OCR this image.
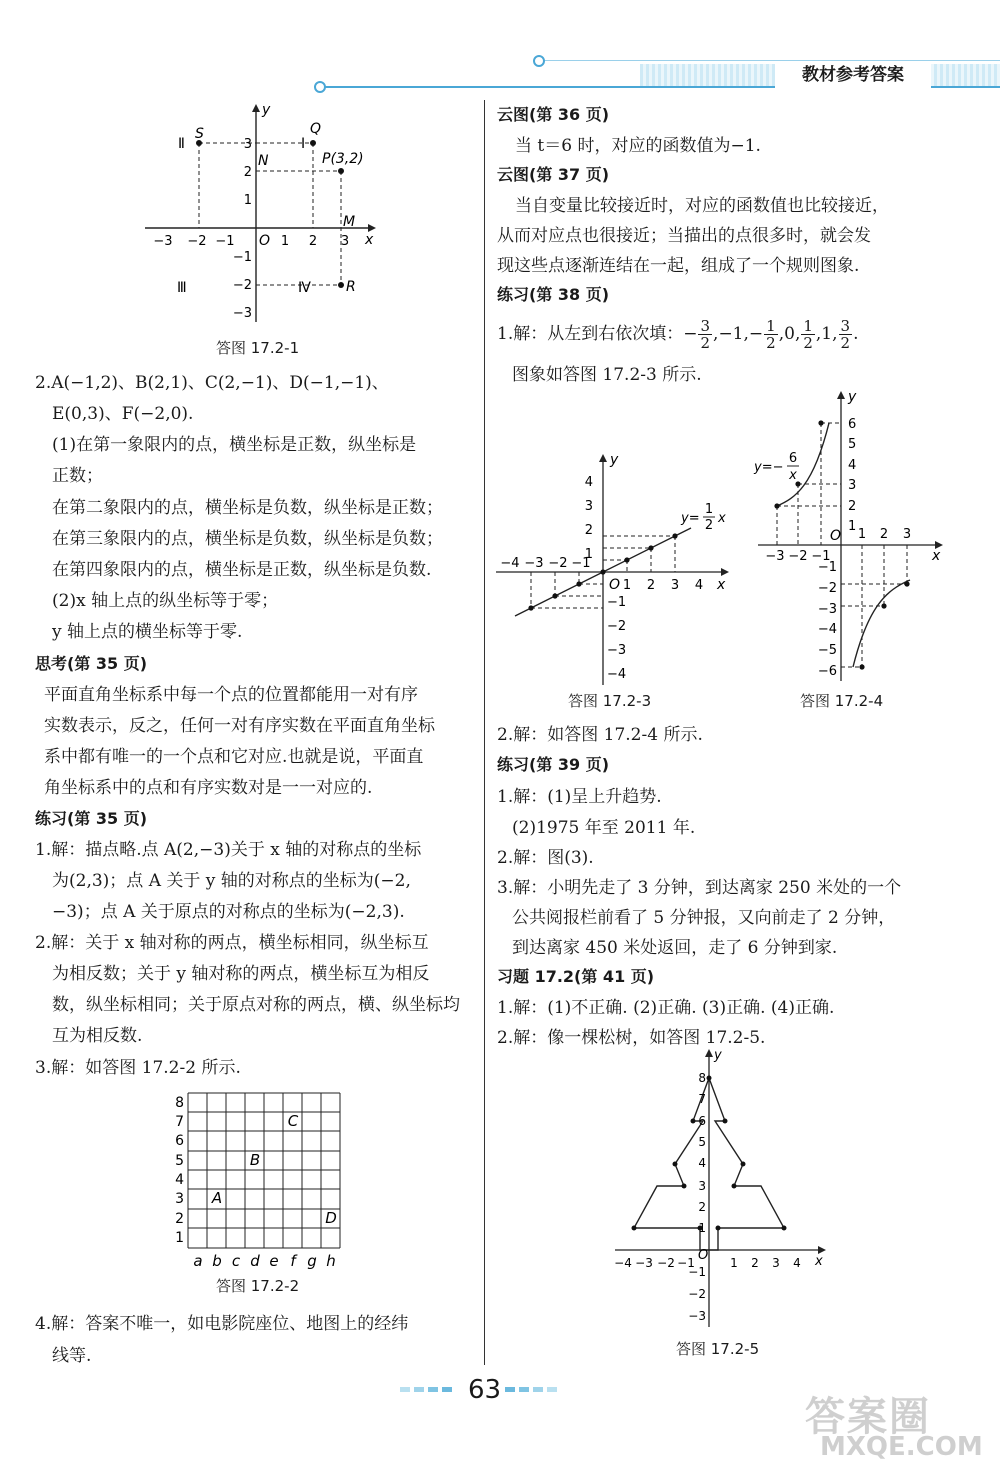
教材参考答案
S	Q
P(3,2)
N
M
R
O	x
y
Ⅱ
Ⅲ	Ⅳ
Ⅰ
−3 −2 −1	1 2 3
3
2
1
−1
−2
−3
答图 17.2-1
2.A(−1,2)、B(2,1)、C(2,−1)、D(−1,−1)、
E(0,3)、F(−2,0).
(1)在第一象限内的点，横坐标是正数，纵坐标是
正数；
在第二象限内的点，横坐标是负数，纵坐标是正数；
在第三象限内的点，横坐标是负数，纵坐标是负数；
在第四象限内的点，横坐标是正数，纵坐标是负数.
(2)x 轴上点的纵坐标等于零；
y 轴上点的横坐标等于零.
思考(第 35 页)
平面直角坐标系中每一个点的位置都能用一对有序
实数表示，反之，任何一对有序实数在平面直角坐标
系中都有唯一的一个点和它对应.也就是说，平面直
角坐标系中的点和有序实数对是一一对应的.
练习(第 35 页)
1.解：描点略.点 A(2,−3)关于 x 轴的对称点的坐标
为(2,3)；点 A 关于 y 轴的对称点的坐标为(−2,
−3)；点 A 关于原点的对称点的坐标为(−2,3).
2.解：关于 x 轴对称的两点，横坐标相同，纵坐标互
为相反数；关于 y 轴对称的两点，横坐标互为相反
数，纵坐标相同；关于原点对称的两点，横、纵坐标均
互为相反数.
3.解：如答图 17.2-2 所示.
8
7
6
5
4
3
2
1
a b c d e f g h
C
B
A
D
答图 17.2-2
4.解：答案不唯一，如电影院座位、地图上的经纬
线等.
云图(第 36 页)
当 t＝6 时，对应的函数值为−1.
云图(第 37 页)
当自变量比较接近时，对应的函数值也比较接近，
从而对应点也很接近；当描出的点很多时，就会发
现这些点逐渐连结在一起，组成了一个规则图象.
练习(第 38 页)
1.解：从左到右依次填：− $\frac{3}{2} ,-1,- \frac{1}{2} ,0$, $\frac{1}{2} ,1$, $\frac{3}{2}$ .
图象如答图 17.2-3 所示.
−4 −3 −2 −1
1 2 3 4
4
3
2
1
−1
−2
−3
−4
y
x
O
y=
1
2 x
答图 17.2-3
−3 −2 −1
1 2 3
6
5
4
3
2
1
−1
−2
−3
−4
−5
−6
y
x
O
y=−
6
x
答图 17.2-4
2.解：如答图 17.2-4 所示.
练习(第 39 页)
1.解：(1)呈上升趋势.
(2)1975 年至 2011 年.
2.解：图(3).
3.解：小明先走了 3 分钟，到达离家 250 米处的一个
公共阅报栏前看了 5 分钟报，又向前走了 2 分钟，
到达离家 450 米处返回，走了 6 分钟到家.
习题 17.2(第 41 页)
1.解：(1)不正确. (2)正确. (3)正确. (4)正确.
2.解：像一棵松树，如答图 17.2-5.
−4 −3 −2 −1	1 2 3 4
8
7
6
5
4
3
2
1
−1
−2
−3
y
x
O
答图 17.2-5
63
答案圈
MXQE.COM
